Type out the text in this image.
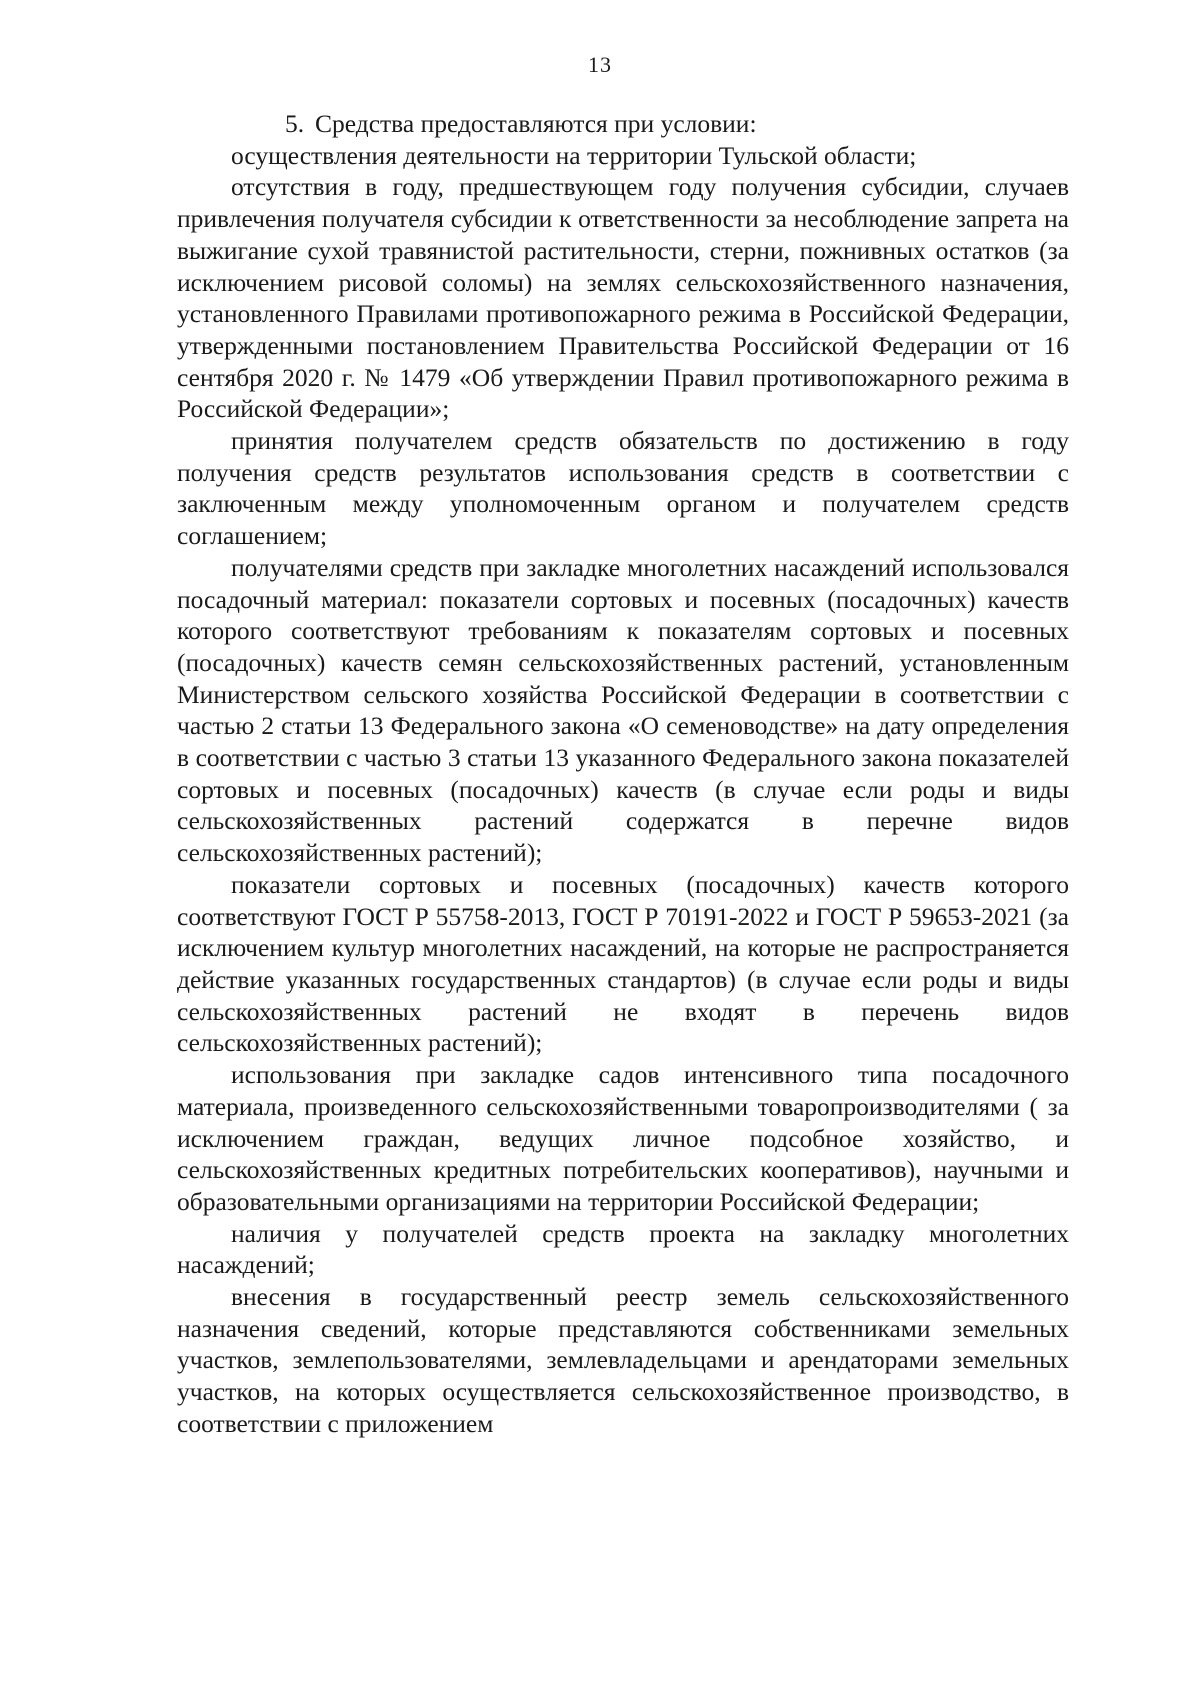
13

5. Средства предоставляются при условии:

осуществления деятельности на территории Тульской области;

отсутствия в году, предшествующем году получения субсидии, случаев привлечения получателя субсидии к ответственности за несоблюдение запрета на выжигание сухой травянистой растительности, стерни, пожнивных остатков (за исключением рисовой соломы) на землях сельскохозяйственного назначения, установленного Правилами противопожарного режима в Российской Федерации, утвержденными постановлением Правительства Российской Федерации от 16 сентября 2020 г. № 1479 «Об утверждении Правил противопожарного режима в Российской Федерации»;

принятия получателем средств обязательств по достижению в году получения средств результатов использования средств в соответствии с заключенным между уполномоченным органом и получателем средств соглашением;

получателями средств при закладке многолетних насаждений использовался посадочный материал: показатели сортовых и посевных (посадочных) качеств которого соответствуют требованиям к показателям сортовых и посевных (посадочных) качеств семян сельскохозяйственных растений, установленным Министерством сельского хозяйства Российской Федерации в соответствии с частью 2 статьи 13 Федерального закона «О семеноводстве» на дату определения в соответствии с частью 3 статьи 13 указанного Федерального закона показателей сортовых и посевных (посадочных) качеств (в случае если роды и виды сельскохозяйственных растений содержатся в перечне видов сельскохозяйственных растений);

показатели сортовых и посевных (посадочных) качеств которого соответствуют ГОСТ Р 55758-2013, ГОСТ Р 70191-2022 и ГОСТ Р 59653-2021 (за исключением культур многолетних насаждений, на которые не распространяется действие указанных государственных стандартов) (в случае если роды и виды сельскохозяйственных растений не входят в перечень видов сельскохозяйственных растений);

использования при закладке садов интенсивного типа посадочного материала, произведенного сельскохозяйственными товаропроизводителями ( за исключением граждан, ведущих личное подсобное хозяйство, и сельскохозяйственных кредитных потребительских кооперативов), научными и образовательными организациями на территории Российской Федерации;

наличия у получателей средств проекта на закладку многолетних насаждений;

внесения в государственный реестр земель сельскохозяйственного назначения сведений, которые представляются собственниками земельных участков, землепользователями, землевладельцами и арендаторами земельных участков, на которых осуществляется сельскохозяйственное производство, в соответствии с приложением
